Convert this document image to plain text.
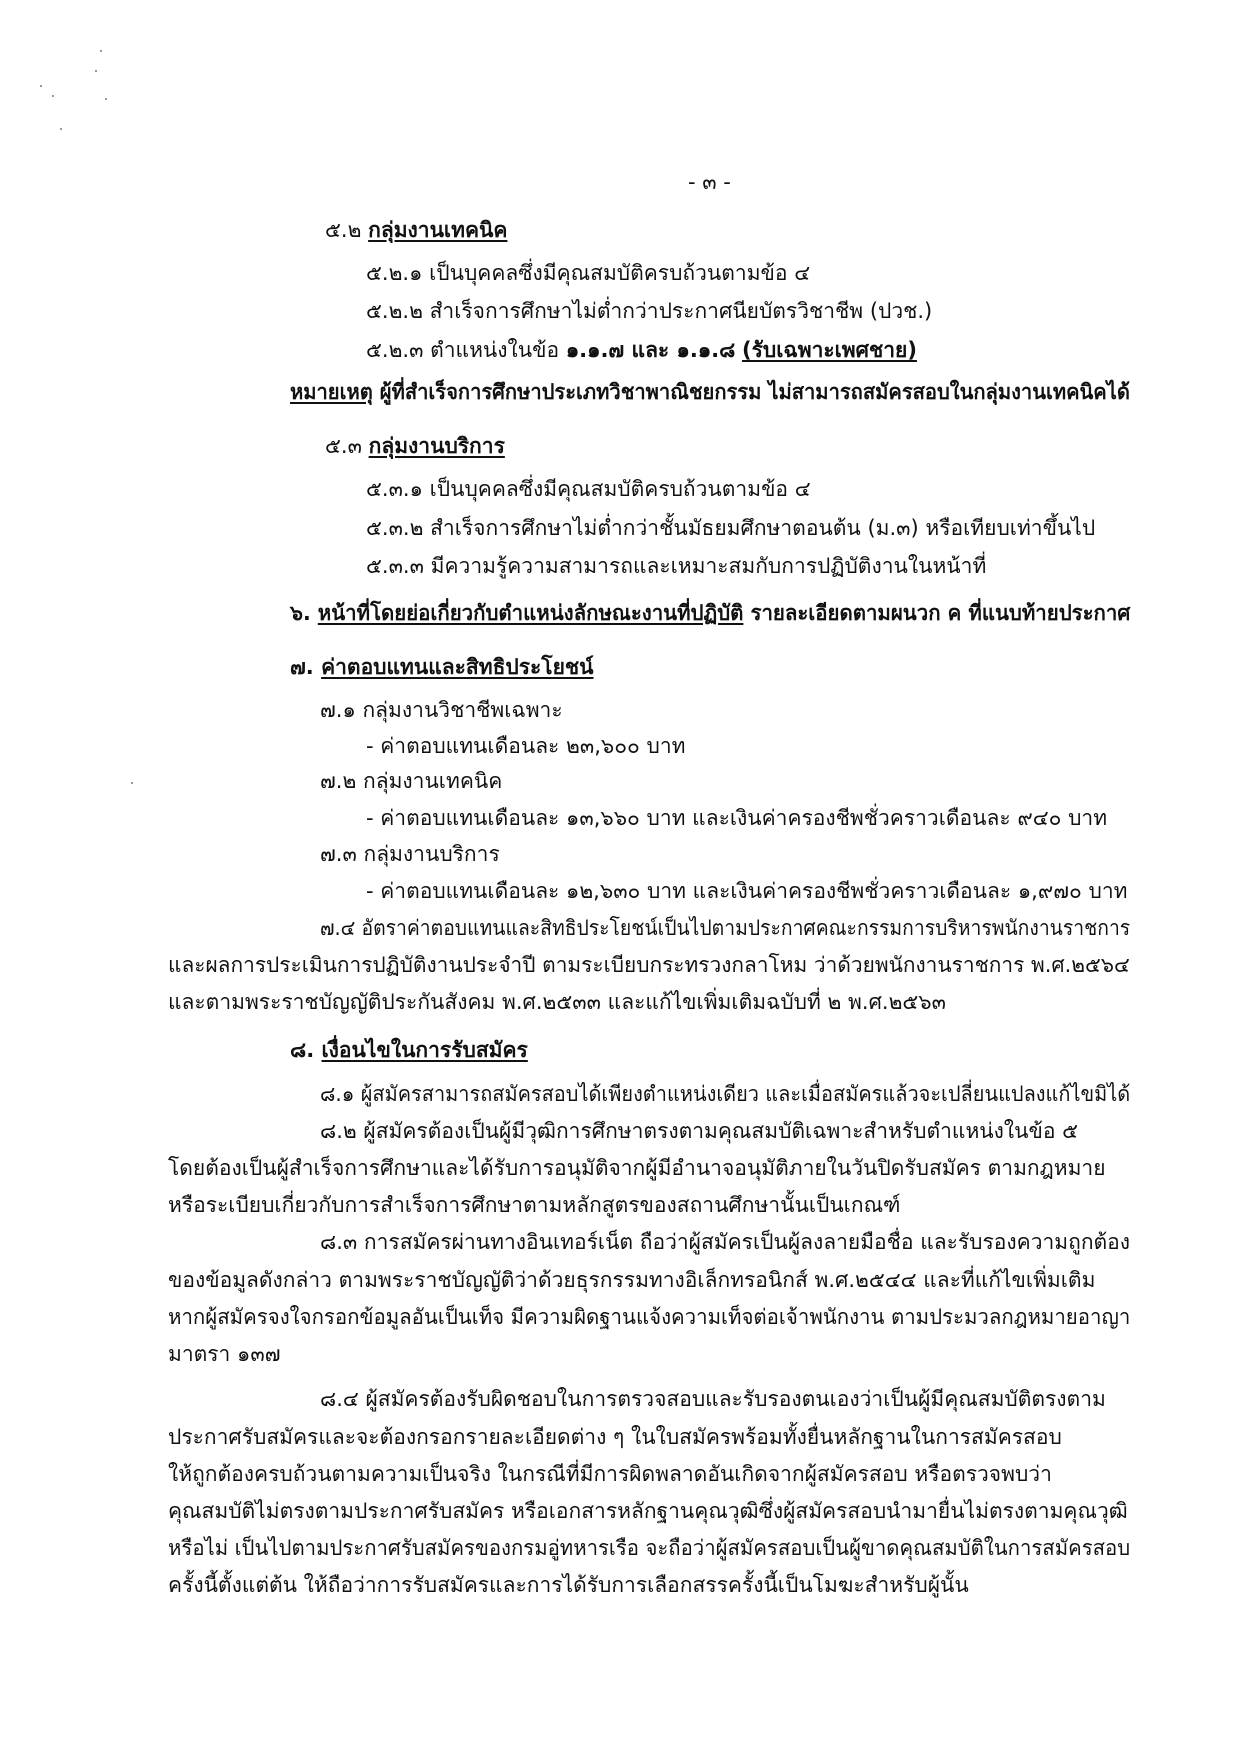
- ๓ -
๕.๒ กลุ่มงานเทคนิค
๕.๒.๑ เป็นบุคคลซึ่งมีคุณสมบัติครบถ้วนตามข้อ ๔
๕.๒.๒ สำเร็จการศึกษาไม่ต่ำกว่าประกาศนียบัตรวิชาชีพ (ปวช.)
๕.๒.๓ ตำแหน่งในข้อ ๑.๑.๗ และ ๑.๑.๘ (รับเฉพาะเพศชาย)
หมายเหตุ ผู้ที่สำเร็จการศึกษาประเภทวิชาพาณิชยกรรม ไม่สามารถสมัครสอบในกลุ่มงานเทคนิคได้
๕.๓ กลุ่มงานบริการ
๕.๓.๑ เป็นบุคคลซึ่งมีคุณสมบัติครบถ้วนตามข้อ ๔
๕.๓.๒ สำเร็จการศึกษาไม่ต่ำกว่าชั้นมัธยมศึกษาตอนต้น (ม.๓) หรือเทียบเท่าขึ้นไป
๕.๓.๓ มีความรู้ความสามารถและเหมาะสมกับการปฏิบัติงานในหน้าที่
๖. หน้าที่โดยย่อเกี่ยวกับตำแหน่งลักษณะงานที่ปฏิบัติ รายละเอียดตามผนวก ค ที่แนบท้ายประกาศ
๗. ค่าตอบแทนและสิทธิประโยชน์
๗.๑ กลุ่มงานวิชาชีพเฉพาะ
- ค่าตอบแทนเดือนละ ๒๓,๖๐๐ บาท
๗.๒ กลุ่มงานเทคนิค
- ค่าตอบแทนเดือนละ ๑๓,๖๖๐ บาท และเงินค่าครองชีพชั่วคราวเดือนละ ๙๔๐ บาท
๗.๓ กลุ่มงานบริการ
- ค่าตอบแทนเดือนละ ๑๒,๖๓๐ บาท และเงินค่าครองชีพชั่วคราวเดือนละ ๑,๙๗๐ บาท
๗.๔ อัตราค่าตอบแทนและสิทธิประโยชน์เป็นไปตามประกาศคณะกรรมการบริหารพนักงานราชการ
และผลการประเมินการปฏิบัติงานประจำปี ตามระเบียบกระทรวงกลาโหม ว่าด้วยพนักงานราชการ พ.ศ.๒๕๖๔
และตามพระราชบัญญัติประกันสังคม พ.ศ.๒๕๓๓ และแก้ไขเพิ่มเติมฉบับที่ ๒ พ.ศ.๒๕๖๓
๘. เงื่อนไขในการรับสมัคร
๘.๑ ผู้สมัครสามารถสมัครสอบได้เพียงตำแหน่งเดียว และเมื่อสมัครแล้วจะเปลี่ยนแปลงแก้ไขมิได้
๘.๒ ผู้สมัครต้องเป็นผู้มีวุฒิการศึกษาตรงตามคุณสมบัติเฉพาะสำหรับตำแหน่งในข้อ ๕
โดยต้องเป็นผู้สำเร็จการศึกษาและได้รับการอนุมัติจากผู้มีอำนาจอนุมัติภายในวันปิดรับสมัคร ตามกฎหมาย
หรือระเบียบเกี่ยวกับการสำเร็จการศึกษาตามหลักสูตรของสถานศึกษานั้นเป็นเกณฑ์
๘.๓ การสมัครผ่านทางอินเทอร์เน็ต ถือว่าผู้สมัครเป็นผู้ลงลายมือชื่อ และรับรองความถูกต้อง
ของข้อมูลดังกล่าว ตามพระราชบัญญัติว่าด้วยธุรกรรมทางอิเล็กทรอนิกส์ พ.ศ.๒๕๔๔ และที่แก้ไขเพิ่มเติม
หากผู้สมัครจงใจกรอกข้อมูลอันเป็นเท็จ มีความผิดฐานแจ้งความเท็จต่อเจ้าพนักงาน ตามประมวลกฎหมายอาญา
มาตรา ๑๓๗
๘.๔ ผู้สมัครต้องรับผิดชอบในการตรวจสอบและรับรองตนเองว่าเป็นผู้มีคุณสมบัติตรงตาม
ประกาศรับสมัครและจะต้องกรอกรายละเอียดต่าง ๆ ในใบสมัครพร้อมทั้งยื่นหลักฐานในการสมัครสอบ
ให้ถูกต้องครบถ้วนตามความเป็นจริง ในกรณีที่มีการผิดพลาดอันเกิดจากผู้สมัครสอบ หรือตรวจพบว่า
คุณสมบัติไม่ตรงตามประกาศรับสมัคร หรือเอกสารหลักฐานคุณวุฒิซึ่งผู้สมัครสอบนำมายื่นไม่ตรงตามคุณวุฒิ
หรือไม่ เป็นไปตามประกาศรับสมัครของกรมอู่ทหารเรือ จะถือว่าผู้สมัครสอบเป็นผู้ขาดคุณสมบัติในการสมัครสอบ
ครั้งนี้ตั้งแต่ต้น ให้ถือว่าการรับสมัครและการได้รับการเลือกสรรครั้งนี้เป็นโมฆะสำหรับผู้นั้น
